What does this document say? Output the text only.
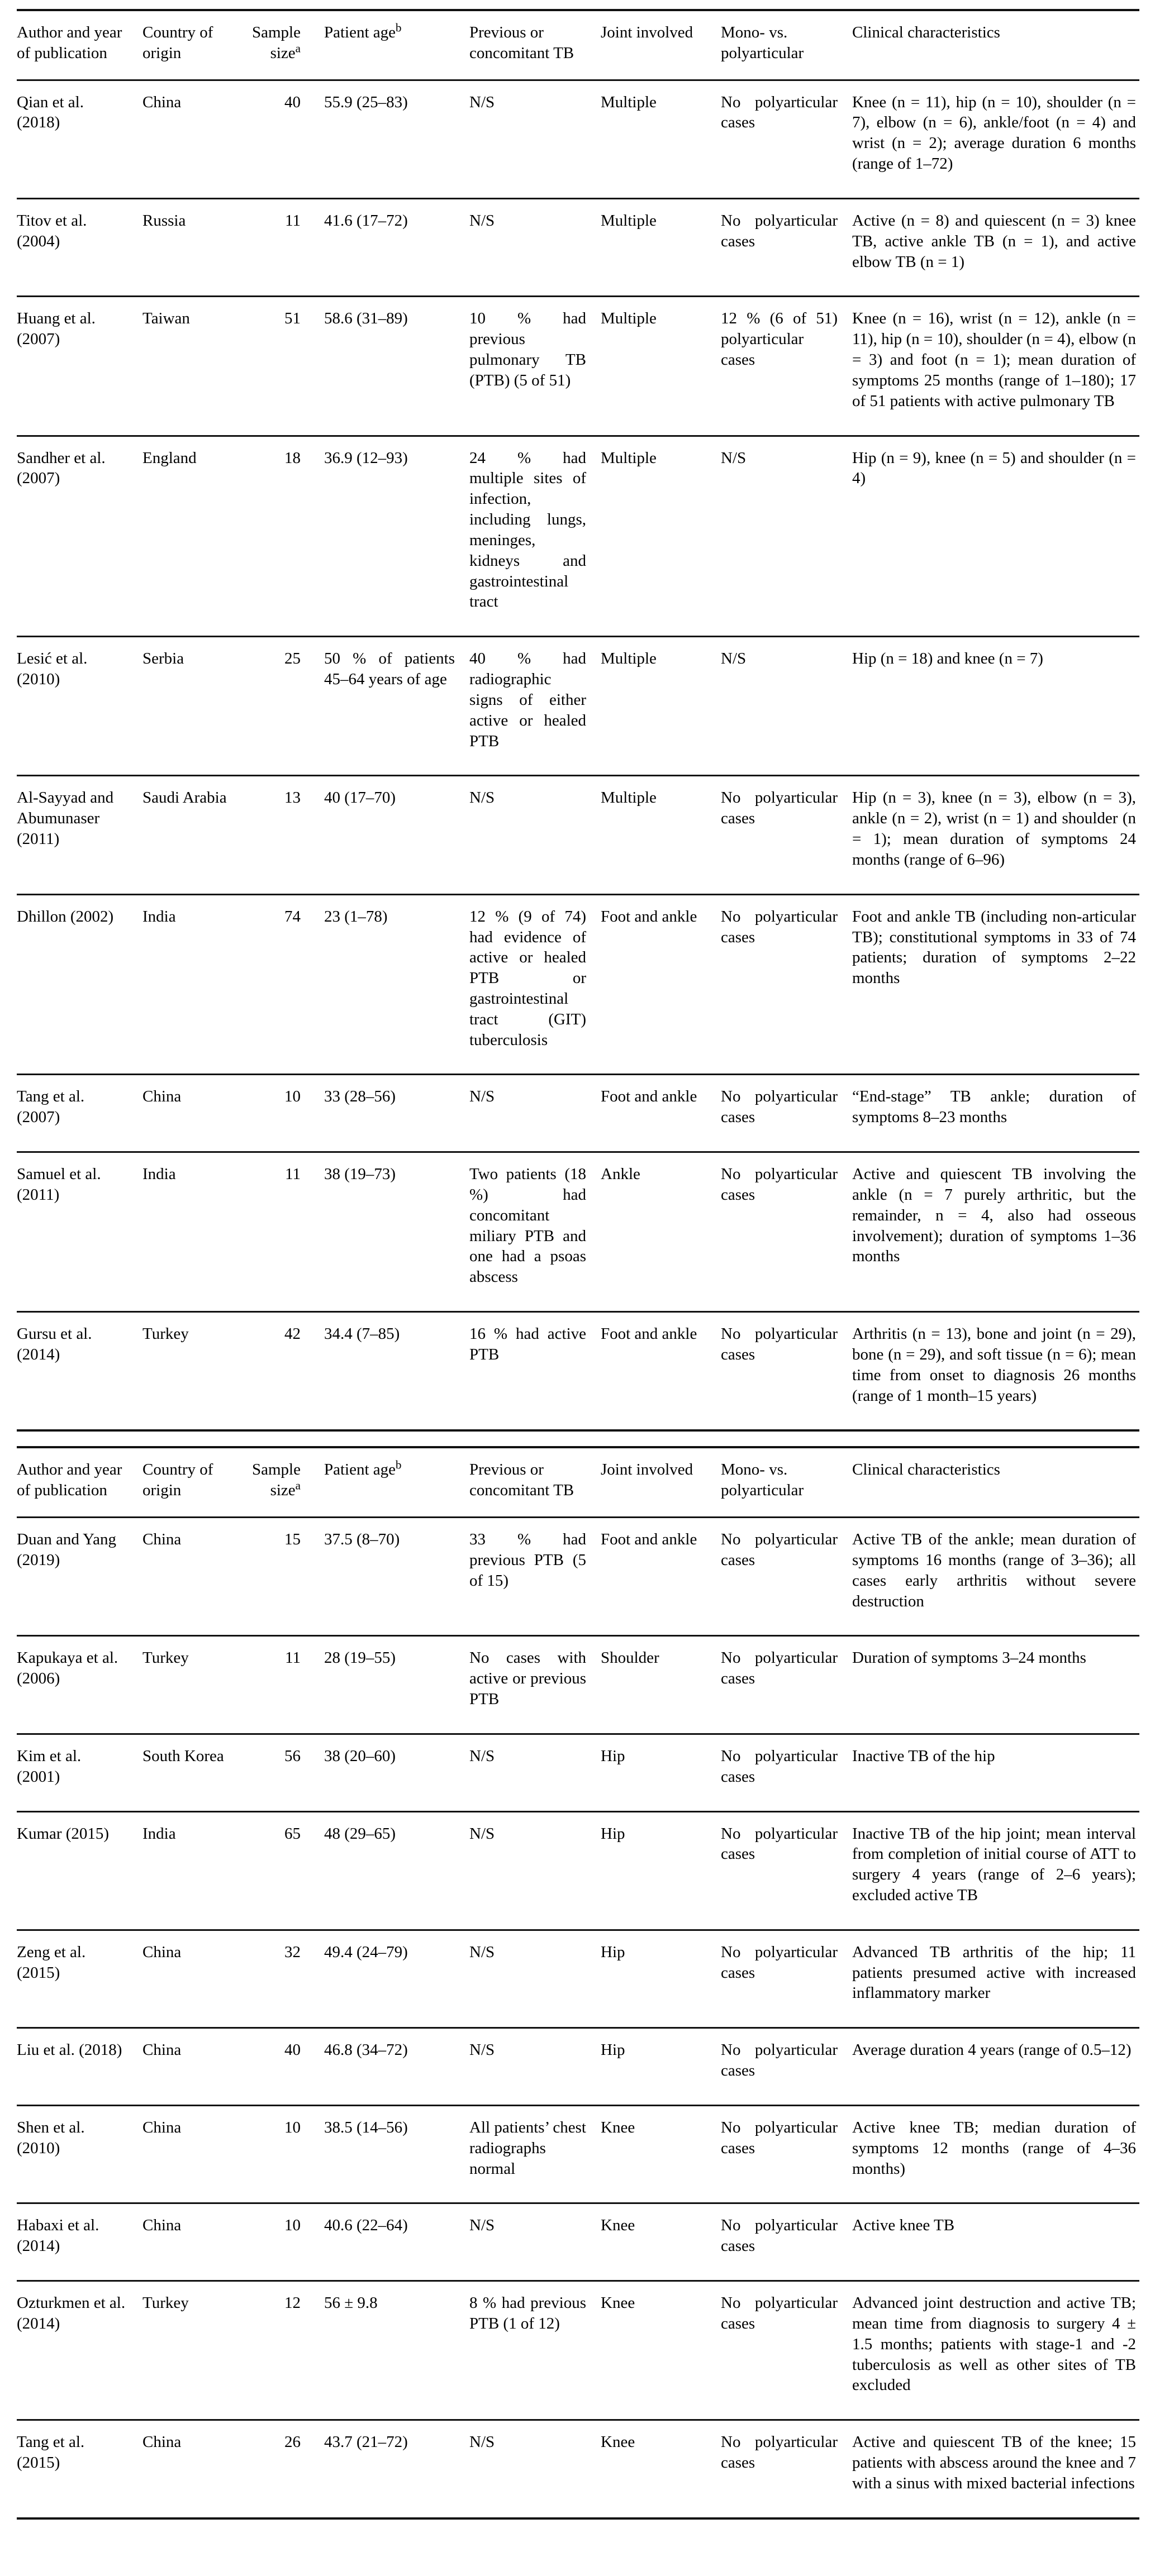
Author and year of publication	Country of origin	Sample size$^a$	Patient age$^b$	Previous or concomitant TB	Joint involved	Mono- vs. polyarticular	Clinical characteristics
Qian et al. (2018)	China	40	55.9 (25–83)	N/S	Multiple	No polyarticular cases	Knee (n = 11), hip (n = 10), shoulder (n = 7), elbow (n = 6), ankle/foot (n = 4) and wrist (n = 2); average duration 6 months (range of 1–72)
Titov et al. (2004)	Russia	11	41.6 (17–72)	N/S	Multiple	No polyarticular cases	Active (n = 8) and quiescent (n = 3) knee TB, active ankle TB (n = 1), and active elbow TB (n = 1)
Huang et al. (2007)	Taiwan	51	58.6 (31–89)	10 % had previous pulmonary TB (PTB) (5 of 51)	Multiple	12 % (6 of 51) polyarticular cases	Knee (n = 16), wrist (n = 12), ankle (n = 11), hip (n = 10), shoulder (n = 4), elbow (n = 3) and foot (n = 1); mean duration of symptoms 25 months (range of 1–180); 17 of 51 patients with active pulmonary TB
Sandher et al. (2007)	England	18	36.9 (12–93)	24 % had multiple sites of infection, including lungs, meninges, kidneys and gastrointestinal tract	Multiple	N/S	Hip (n = 9), knee (n = 5) and shoulder (n = 4)
Lesić et al. (2010)	Serbia	25	50 % of patients 45–64 years of age	40 % had radiographic signs of either active or healed PTB	Multiple	N/S	Hip (n = 18) and knee (n = 7)
Al-Sayyad and Abumunaser (2011)	Saudi Arabia	13	40 (17–70)	N/S	Multiple	No polyarticular cases	Hip (n = 3), knee (n = 3), elbow (n = 3), ankle (n = 2), wrist (n = 1) and shoulder (n = 1); mean duration of symptoms 24 months (range of 6–96)
Dhillon (2002)	India	74	23 (1–78)	12 % (9 of 74) had evidence of active or healed PTB or gastrointestinal tract (GIT) tuberculosis	Foot and ankle	No polyarticular cases	Foot and ankle TB (including non-articular TB); constitutional symptoms in 33 of 74 patients; duration of symptoms 2–22 months
Tang et al. (2007)	China	10	33 (28–56)	N/S	Foot and ankle	No polyarticular cases	“End-stage” TB ankle; duration of symptoms 8–23 months
Samuel et al. (2011)	India	11	38 (19–73)	Two patients (18 %) had concomitant miliary PTB and one had a psoas abscess	Ankle	No polyarticular cases	Active and quiescent TB involving the ankle (n = 7 purely arthritic, but the remainder, n = 4, also had osseous involvement); duration of symptoms 1–36 months
Gursu et al. (2014)	Turkey	42	34.4 (7–85)	16 % had active PTB	Foot and ankle	No polyarticular cases	Arthritis (n = 13), bone and joint (n = 29), bone (n = 29), and soft tissue (n = 6); mean time from onset to diagnosis 26 months (range of 1 month–15 years)
Author and year of publication	Country of origin	Sample size$^a$	Patient age$^b$	Previous or concomitant TB	Joint involved	Mono- vs. polyarticular	Clinical characteristics
Duan and Yang (2019)	China	15	37.5 (8–70)	33 % had previous PTB (5 of 15)	Foot and ankle	No polyarticular cases	Active TB of the ankle; mean duration of symptoms 16 months (range of 3–36); all cases early arthritis without severe destruction
Kapukaya et al. (2006)	Turkey	11	28 (19–55)	No cases with active or previous PTB	Shoulder	No polyarticular cases	Duration of symptoms 3–24 months
Kim et al. (2001)	South Korea	56	38 (20–60)	N/S	Hip	No polyarticular cases	Inactive TB of the hip
Kumar (2015)	India	65	48 (29–65)	N/S	Hip	No polyarticular cases	Inactive TB of the hip joint; mean interval from completion of initial course of ATT to surgery 4 years (range of 2–6 years); excluded active TB
Zeng et al. (2015)	China	32	49.4 (24–79)	N/S	Hip	No polyarticular cases	Advanced TB arthritis of the hip; 11 patients presumed active with increased inflammatory marker
Liu et al. (2018)	China	40	46.8 (34–72)	N/S	Hip	No polyarticular cases	Average duration 4 years (range of 0.5–12)
Shen et al. (2010)	China	10	38.5 (14–56)	All patients’ chest radiographs normal	Knee	No polyarticular cases	Active knee TB; median duration of symptoms 12 months (range of 4–36 months)
Habaxi et al. (2014)	China	10	40.6 (22–64)	N/S	Knee	No polyarticular cases	Active knee TB
Ozturkmen et al. (2014)	Turkey	12	56 ± 9.8	8 % had previous PTB (1 of 12)	Knee	No polyarticular cases	Advanced joint destruction and active TB; mean time from diagnosis to surgery 4 ± 1.5 months; patients with stage-1 and -2 tuberculosis as well as other sites of TB excluded
Tang et al. (2015)	China	26	43.7 (21–72)	N/S	Knee	No polyarticular cases	Active and quiescent TB of the knee; 15 patients with abscess around the knee and 7 with a sinus with mixed bacterial infections
